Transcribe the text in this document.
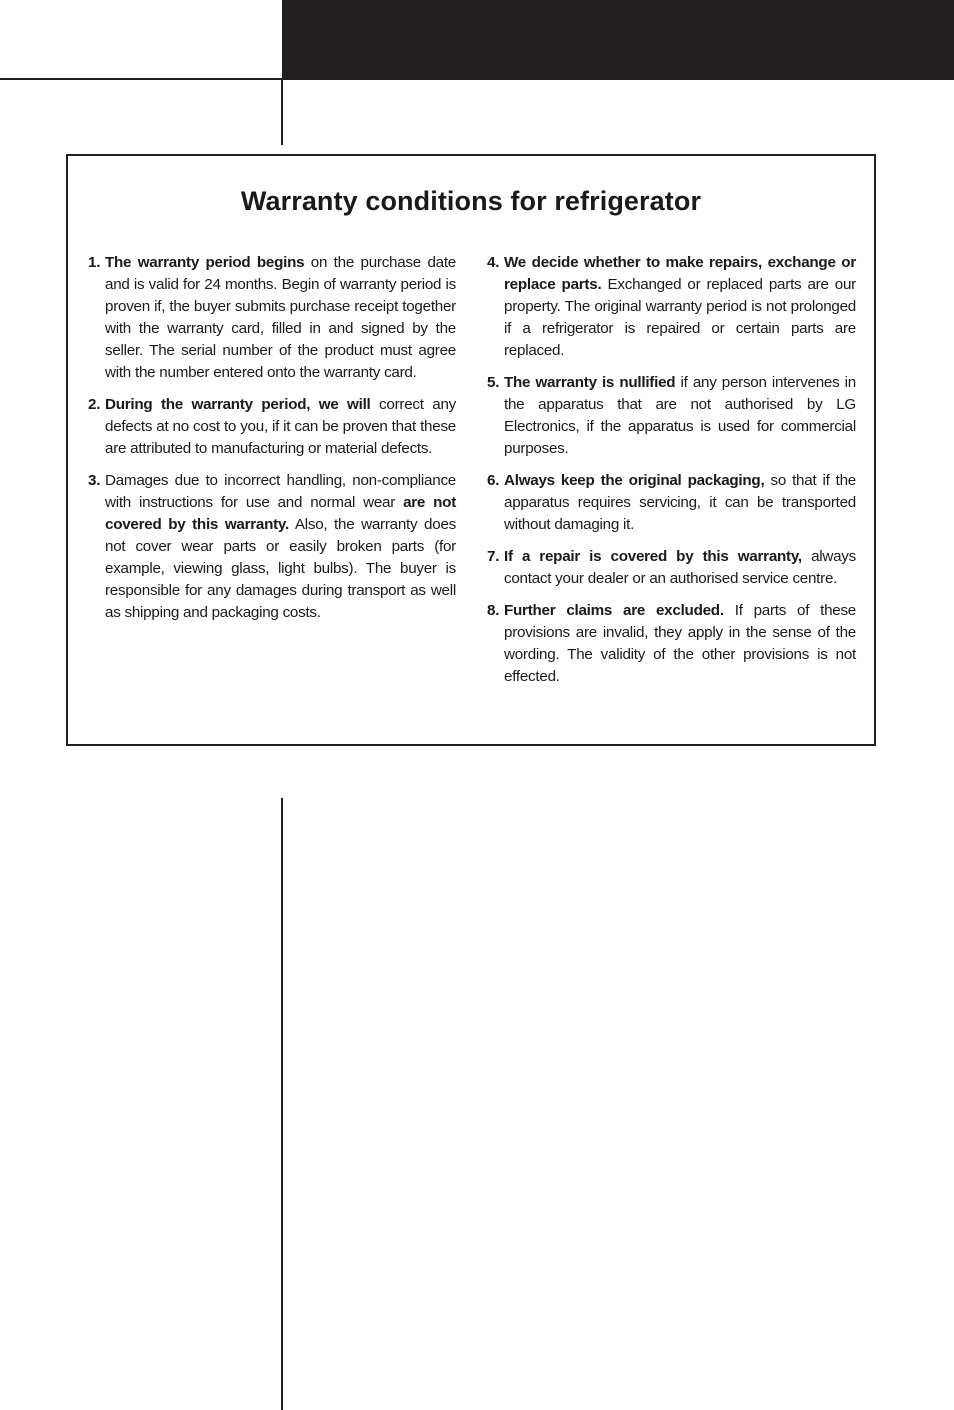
Warranty conditions for refrigerator

1. The warranty period begins on the purchase date and is valid for 24 months. Begin of warranty period is proven if, the buyer submits purchase receipt together with the warranty card, filled in and signed by the seller. The serial number of the product must agree with the number entered onto the warranty card.

2. During the warranty period, we will correct any defects at no cost to you, if it can be proven that these are attributed to manufacturing or material defects.

3. Damages due to incorrect handling, non-compliance with instructions for use and normal wear are not covered by this warranty. Also, the warranty does not cover wear parts or easily broken parts (for example, viewing glass, light bulbs). The buyer is responsible for any damages during transport as well as shipping and packaging costs.

4. We decide whether to make repairs, exchange or replace parts. Exchanged or replaced parts are our property. The original warranty period is not prolonged if a refrigerator is repaired or certain parts are replaced.

5. The warranty is nullified if any person intervenes in the apparatus that are not authorised by LG Electronics, if the apparatus is used for commercial purposes.

6. Always keep the original packaging, so that if the apparatus requires servicing, it can be transported without damaging it.

7. If a repair is covered by this warranty, always contact your dealer or an authorised service centre.

8. Further claims are excluded. If parts of these provisions are invalid, they apply in the sense of the wording. The validity of the other provisions is not effected.
